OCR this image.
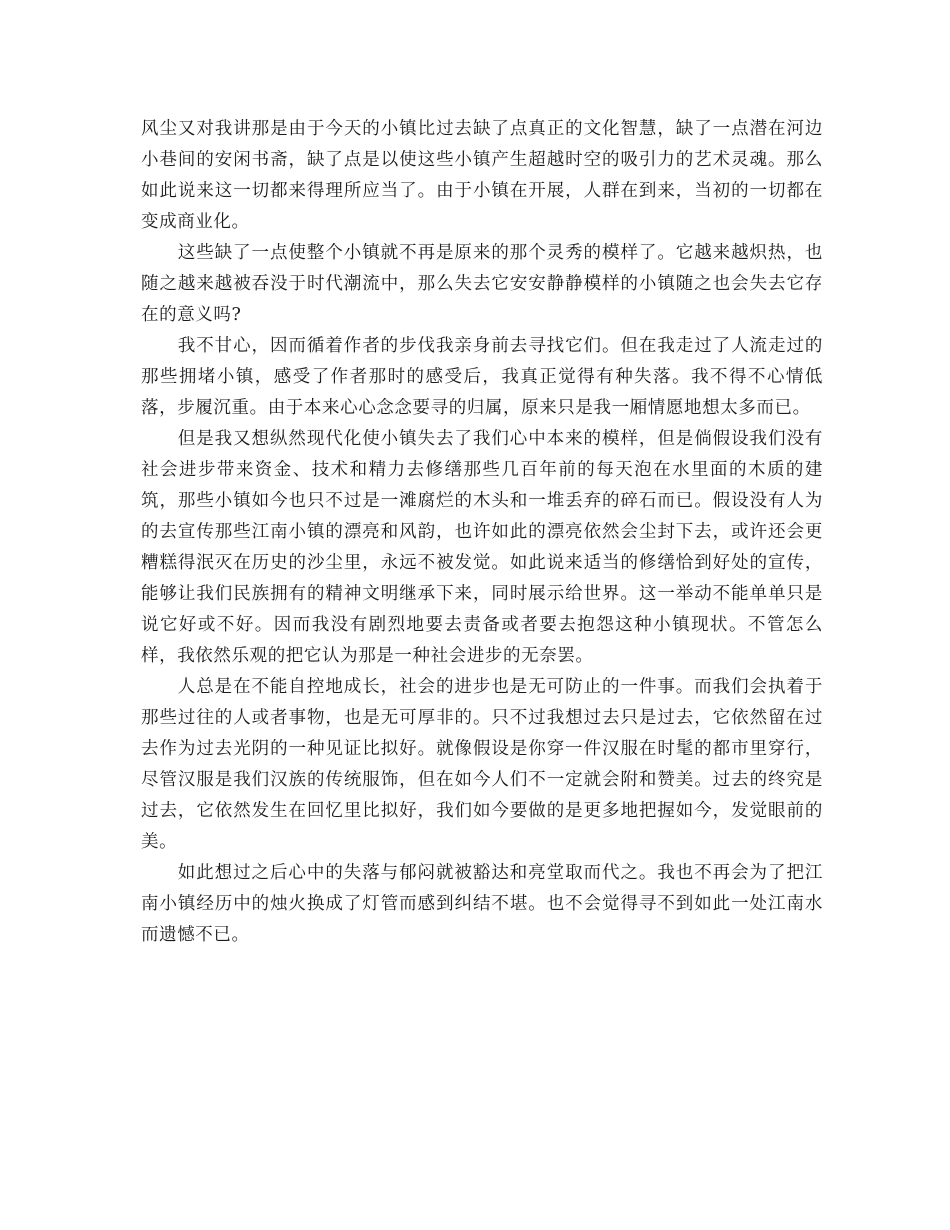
风尘又对我讲那是由于今天的小镇比过去缺了点真正的文化智慧，缺了一点潜在河边小巷间的安闲书斋，缺了点是以使这些小镇产生超越时空的吸引力的艺术灵魂。那么如此说来这一切都来得理所应当了。由于小镇在开展，人群在到来，当初的一切都在变成商业化。

这些缺了一点使整个小镇就不再是原来的那个灵秀的模样了。它越来越炽热，也随之越来越被吞没于时代潮流中，那么失去它安安静静模样的小镇随之也会失去它存在的意义吗?

我不甘心，因而循着作者的步伐我亲身前去寻找它们。但在我走过了人流走过的那些拥堵小镇，感受了作者那时的感受后，我真正觉得有种失落。我不得不心情低落，步履沉重。由于本来心心念念要寻的归属，原来只是我一厢情愿地想太多而已。

但是我又想纵然现代化使小镇失去了我们心中本来的模样，但是倘假设我们没有社会进步带来资金、技术和精力去修缮那些几百年前的每天泡在水里面的木质的建筑，那些小镇如今也只不过是一滩腐烂的木头和一堆丢弃的碎石而已。假设没有人为的去宣传那些江南小镇的漂亮和风韵，也许如此的漂亮依然会尘封下去，或许还会更糟糕得泯灭在历史的沙尘里，永远不被发觉。如此说来适当的修缮恰到好处的宣传，能够让我们民族拥有的精神文明继承下来，同时展示给世界。这一举动不能单单只是说它好或不好。因而我没有剧烈地要去责备或者要去抱怨这种小镇现状。不管怎么样，我依然乐观的把它认为那是一种社会进步的无奈罢。

人总是在不能自控地成长，社会的进步也是无可防止的一件事。而我们会执着于那些过往的人或者事物，也是无可厚非的。只不过我想过去只是过去，它依然留在过去作为过去光阴的一种见证比拟好。就像假设是你穿一件汉服在时髦的都市里穿行，尽管汉服是我们汉族的传统服饰，但在如今人们不一定就会附和赞美。过去的终究是过去，它依然发生在回忆里比拟好，我们如今要做的是更多地把握如今，发觉眼前的美。

如此想过之后心中的失落与郁闷就被豁达和亮堂取而代之。我也不再会为了把江南小镇经历中的烛火换成了灯管而感到纠结不堪。也不会觉得寻不到如此一处江南水而遗憾不已。
